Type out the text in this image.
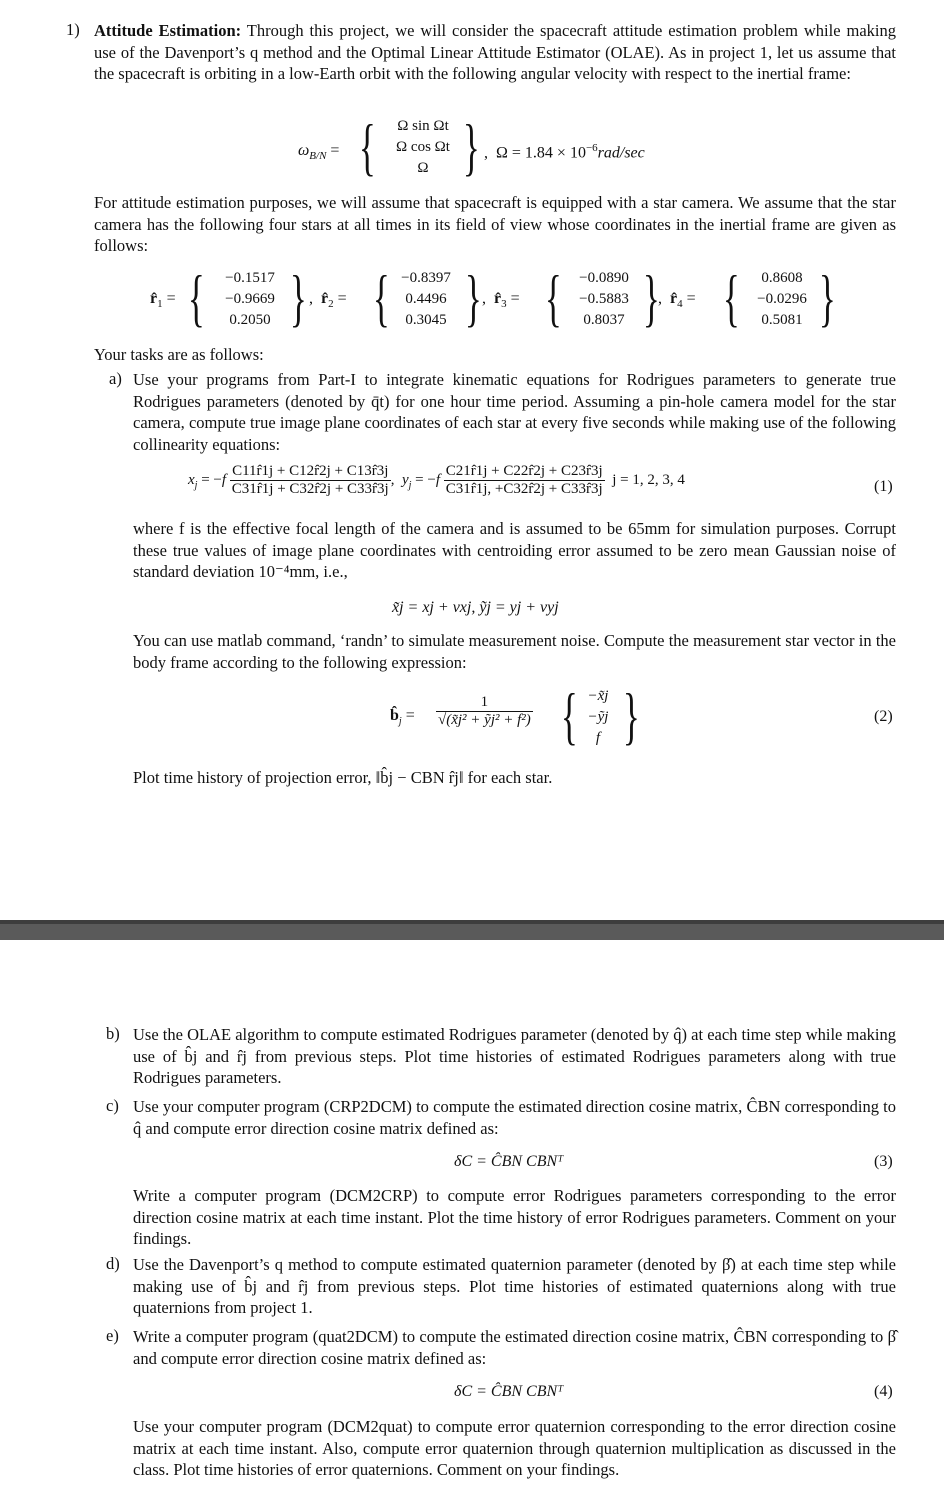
1) Attitude Estimation: Through this project, we will consider the spacecraft attitude estimation problem while making use of the Davenport’s q method and the Optimal Linear Attitude Estimator (OLAE). As in project 1, let us assume that the spacecraft is orbiting in a low-Earth orbit with the following angular velocity with respect to the inertial frame:
$\omega_{B/N}$ = {	Ω sin Ωt
Ω cos Ωt
Ω } ,  $\Omega = 1.84 \times 10^{-6}rad/\sec$
For attitude estimation purposes, we will assume that spacecraft is equipped with a star camera. We assume that the star camera has the following four stars at all times in its field of view whose coordinates in the inertial frame are given as follows:
$r̂_1$ = {	−0.1517
−0.9669
0.2050 } ,  $r̂_2$ = { −0.8397
0.4496
0.3045 } ,  $r̂_3$ = {	−0.0890
−0.5883
0.8037 }
,  $r̂_4$ = {	0.8608
−0.0296
0.5081 }
Your tasks are as follows:
a) Use your programs from Part-I to integrate kinematic equations for Rodrigues parameters to generate true Rodrigues parameters (denoted by q̄t) for one hour time period. Assuming a pin-hole camera model for the star camera, compute true image plane coordinates of each star at every five seconds while making use of the following collinearity equations:
$x_j = -f \frac{C11r̂1j + C12r̂2j + C13r̂3j}{C31r̂1j + C32r̂2j + C33r̂3j}$ ,  $y_j = -f \frac{C21r̂1j + C22r̂2j + C23r̂3j}{C31r̂1j, +C32r̂2j + C33r̂3j}$ j = 1, 2, 3, 4	(1)
where f is the effective focal length of the camera and is assumed to be 65mm for simulation purposes. Corrupt these true values of image plane coordinates with centroiding error assumed to be zero mean Gaussian noise of standard deviation 10⁻⁴mm, i.e.,
x̃j = xj + νxj, ỹj = yj + νyj
You can use matlab command, ‘randn’ to simulate measurement noise. Compute the measurement star vector in the body frame according to the following expression:
$b̂_j = \frac{1}{\text{√(x̃j² + ỹj² + f²)}}$ { −x̃j
−ỹj
f }	(2)
Plot time history of projection error, ‖b̂j − CBN r̂j‖ for each star.
b) Use the OLAE algorithm to compute estimated Rodrigues parameter (denoted by q̂) at each time step while making use of b̂j and r̂j from previous steps. Plot time histories of estimated Rodrigues parameters along with true Rodrigues parameters.
c) Use your computer program (CRP2DCM) to compute the estimated direction cosine matrix, ĈBN corresponding to q̂ and compute error direction cosine matrix defined as:
δC = ĈBN CBNᵀ	(3)
Write a computer program (DCM2CRP) to compute error Rodrigues parameters corresponding to the error direction cosine matrix at each time instant. Plot the time history of error Rodrigues parameters. Comment on your findings.
d) Use the Davenport’s q method to compute estimated quaternion parameter (denoted by β̂) at each time step while making use of b̂j and r̂j from previous steps. Plot time histories of estimated quaternions along with true quaternions from project 1.
e) Write a computer program (quat2DCM) to compute the estimated direction cosine matrix, ĈBN corresponding to β̂ and compute error direction cosine matrix defined as:
δC = ĈBN CBNᵀ	(4)
Use your computer program (DCM2quat) to compute error quaternion corresponding to the error direction cosine matrix at each time instant. Also, compute error quaternion through quaternion multiplication as discussed in the class. Plot time histories of error quaternions. Comment on your findings.
